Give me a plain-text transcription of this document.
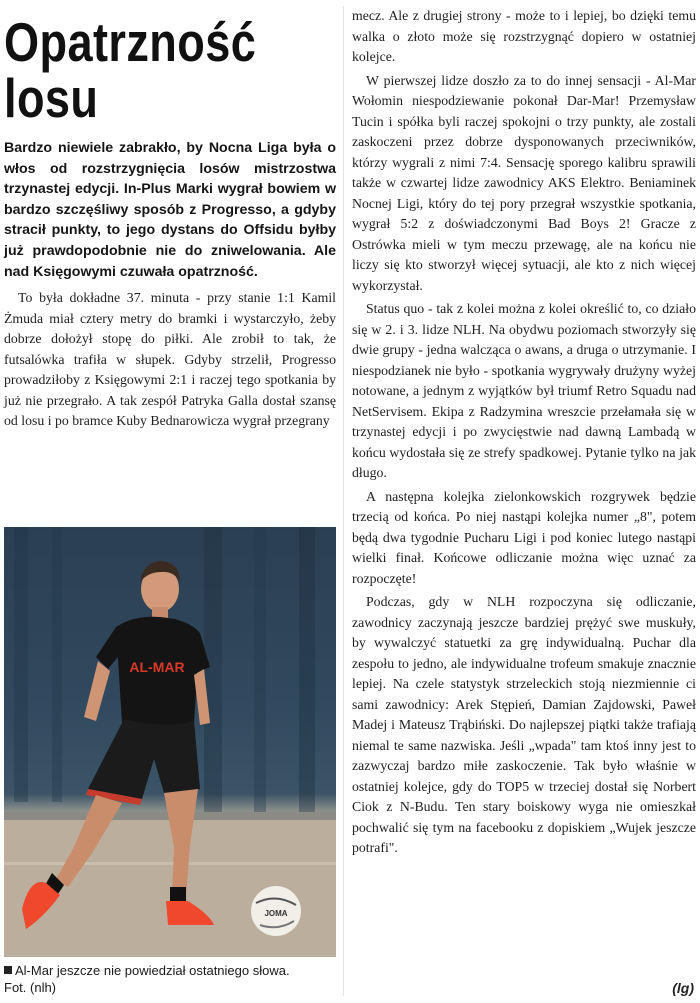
Opatrzność
losu

Bardzo niewiele zabrakło, by Nocna Liga była o włos od rozstrzygnięcia losów mistrzostwa trzynastej edycji. In-Plus Marki wygrał bowiem w bardzo szczęśliwy sposób z Progresso, a gdyby stracił punkty, to jego dystans do Offsidu byłby już prawdopodobnie nie do zniwelowania. Ale nad Księgowymi czuwała opatrzność.

To była dokładne 37. minuta - przy stanie 1:1 Kamil Żmuda miał cztery metry do bramki i wystarczyło, żeby dobrze dołożył stopę do piłki. Ale zrobił to tak, że futsalówka trafiła w słupek. Gdyby strzelił, Progresso prowadziłoby z Księgowymi 2:1 i raczej tego spotkania by już nie przegrało. A tak zespół Patryka Galla dostał szansę od losu i po bramce Kuby Bednarowicza wygrał przegrany

AL-MAR
JOMA
Al-Mar jeszcze nie powiedział ostatniego słowa.
Fot. (nlh)

mecz. Ale z drugiej strony - może to i lepiej, bo dzięki temu walka o złoto może się rozstrzygnąć dopiero w ostatniej kolejce.

W pierwszej lidze doszło za to do innej sensacji - Al-Mar Wołomin niespodziewanie pokonał Dar-Mar! Przemysław Tucin i spółka byli raczej spokojni o trzy punkty, ale zostali zaskoczeni przez dobrze dysponowanych przeciwników, którzy wygrali z nimi 7:4. Sensację sporego kalibru sprawili także w czwartej lidze zawodnicy AKS Elektro. Beniaminek Nocnej Ligi, który do tej pory przegrał wszystkie spotkania, wygrał 5:2 z doświadczonymi Bad Boys 2! Gracze z Ostrówka mieli w tym meczu przewagę, ale na końcu nie liczy się kto stworzył więcej sytuacji, ale kto z nich więcej wykorzystał.

Status quo - tak z kolei można z kolei określić to, co działo się w 2. i 3. lidze NLH. Na obydwu poziomach stworzyły się dwie grupy - jedna walcząca o awans, a druga o utrzymanie. I niespodzianek nie było - spotkania wygrywały drużyny wyżej notowane, a jednym z wyjątków był triumf Retro Squadu nad NetServisem. Ekipa z Radzymina wreszcie przełamała się w trzynastej edycji i po zwycięstwie nad dawną Lambadą w końcu wydostała się ze strefy spadkowej. Pytanie tylko na jak długo.

A następna kolejka zielonkowskich rozgrywek będzie trzecią od końca. Po niej nastąpi kolejka numer „8", potem będą dwa tygodnie Pucharu Ligi i pod koniec lutego nastąpi wielki finał. Końcowe odliczanie można więc uznać za rozpoczęte!

Podczas, gdy w NLH rozpoczyna się odliczanie, zawodnicy zaczynają jeszcze bardziej prężyć swe muskuły, by wywalczyć statuetki za grę indywidualną. Puchar dla zespołu to jedno, ale indywidualne trofeum smakuje znacznie lepiej. Na czele statystyk strzeleckich stoją niezmiennie ci sami zawodnicy: Arek Stępień, Damian Zajdowski, Paweł Madej i Mateusz Trąbiński. Do najlepszej piątki także trafiają niemal te same nazwiska. Jeśli „wpada" tam ktoś inny jest to zazwyczaj bardzo miłe zaskoczenie. Tak było właśnie w ostatniej kolejce, gdy do TOP5 w trzeciej dostał się Norbert Ciok z N-Budu. Ten stary boiskowy wyga nie omieszkał pochwalić się tym na facebooku z dopiskiem „Wujek jeszcze potrafi".

(lg)
